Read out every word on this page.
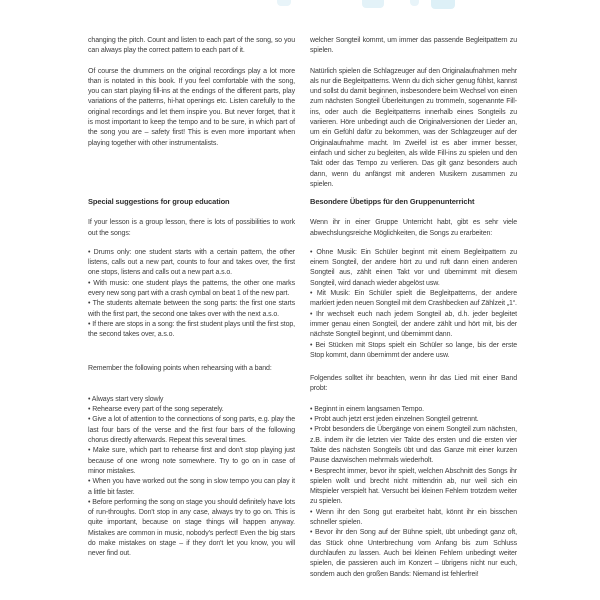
changing the pitch. Count and listen to each part of the song, so you can always play the correct pattern to each part of it.

Of course the drummers on the original recordings play a lot more than is notated in this book. If you feel comfortable with the song, you can start playing fill-ins at the endings of the different parts, play variations of the patterns, hi-hat openings etc. Listen carefully to the original recordings and let them inspire you. But never forget, that it is most important to keep the tempo and to be sure, in which part of the song you are – safety first! This is even more important when playing together with other instrumentalists.

Special suggestions for group education

If your lesson is a group lesson, there is lots of possibilities to work out the songs:

• Drums only: one student starts with a certain pattern, the other listens, calls out a new part, counts to four and takes over, the first one stops, listens and calls out a new part a.s.o.

• With music: one student plays the patterns, the other one marks every new song part with a crash cymbal on beat 1 of the new part.

• The students alternate between the song parts: the first one starts with the first part, the second one takes over with the next a.s.o.

• If there are stops in a song: the first student plays until the first stop, the second takes over, a.s.o.

Remember the following points when rehearsing with a band:

• Always start very slowly

• Rehearse every part of the song seperately.

• Give a lot of attention to the connections of song parts, e.g. play the last four bars of the verse and the first four bars of the following chorus directly afterwards. Repeat this several times.

• Make sure, which part to rehearse first and don't stop playing just because of one wrong note somewhere. Try to go on in case of minor mistakes.

• When you have worked out the song in slow tempo you can play it a little bit faster.

• Before performing the song on stage you should definitely have lots of run-throughs. Don't stop in any case, always try to go on. This is quite important, because on stage things will happen anyway. Mistakes are common in music, nobody's perfect! Even the big stars do make mistakes on stage – if they don't let you know, you will never find out.

welcher Songteil kommt, um immer das passende Begleitpattern zu spielen.

Natürlich spielen die Schlagzeuger auf den Originalaufnahmen mehr als nur die Begleitpatterns. Wenn du dich sicher genug fühlst, kannst und sollst du damit beginnen, insbesondere beim Wechsel von einen zum nächsten Songteil Überleitungen zu trommeln, sogenannte Fill-ins, oder auch die Begleitpatterns innerhalb eines Songteils zu variieren. Höre unbedingt auch die Originalversionen der Lieder an, um ein Gefühl dafür zu bekommen, was der Schlagzeuger auf der Originalaufnahme macht. Im Zweifel ist es aber immer besser, einfach und sicher zu begleiten, als wilde Fill-ins zu spielen und den Takt oder das Tempo zu verlieren. Das gilt ganz besonders auch dann, wenn du anfängst mit anderen Musikern zusammen zu spielen.

Besondere Übetipps für den Gruppenunterricht

Wenn ihr in einer Gruppe Unterricht habt, gibt es sehr viele abwechslungsreiche Möglichkeiten, die Songs zu erarbeiten:

• Ohne Musik: Ein Schüler beginnt mit einem Begleitpattern zu einem Songteil, der andere hört zu und ruft dann einen anderen Songteil aus, zählt einen Takt vor und übernimmt mit diesem Songteil, wird danach wieder abgelöst usw.

• Mit Musik: Ein Schüler spielt die Begleitpatterns, der andere markiert jeden neuen Songteil mit dem Crashbecken auf Zählzeit „1“.

• Ihr wechselt euch nach jedem Songteil ab, d.h. jeder begleitet immer genau einen Songteil, der andere zählt und hört mit, bis der nächste Songteil beginnt, und übernimmt dann.

• Bei Stücken mit Stops spielt ein Schüler so lange, bis der erste Stop kommt, dann übernimmt der andere usw.

Folgendes solltet ihr beachten, wenn ihr das Lied mit einer Band probt:

• Beginnt in einem langsamen Tempo.

• Probt auch jetzt erst jeden einzelnen Songteil getrennt.

• Probt besonders die Übergänge von einem Songteil zum nächsten, z.B. indem ihr die letzten vier Takte des ersten und die ersten vier Takte des nächsten Songteils übt und das Ganze mit einer kurzen Pause dazwischen mehrmals wiederholt.

• Besprecht immer, bevor ihr spielt, welchen Abschnitt des Songs ihr spielen wollt und brecht nicht mittendrin ab, nur weil sich ein Mitspieler verspielt hat. Versucht bei kleinen Fehlern trotzdem weiter zu spielen.

• Wenn ihr den Song gut erarbeitet habt, könnt ihr ein bisschen schneller spielen.

• Bevor ihr den Song auf der Bühne spielt, übt unbedingt ganz oft, das Stück ohne Unterbrechung vom Anfang bis zum Schluss durchlaufen zu lassen. Auch bei kleinen Fehlern unbedingt weiter spielen, die passieren auch im Konzert – übrigens nicht nur euch, sondern auch den großen Bands: Niemand ist fehlerfrei!
